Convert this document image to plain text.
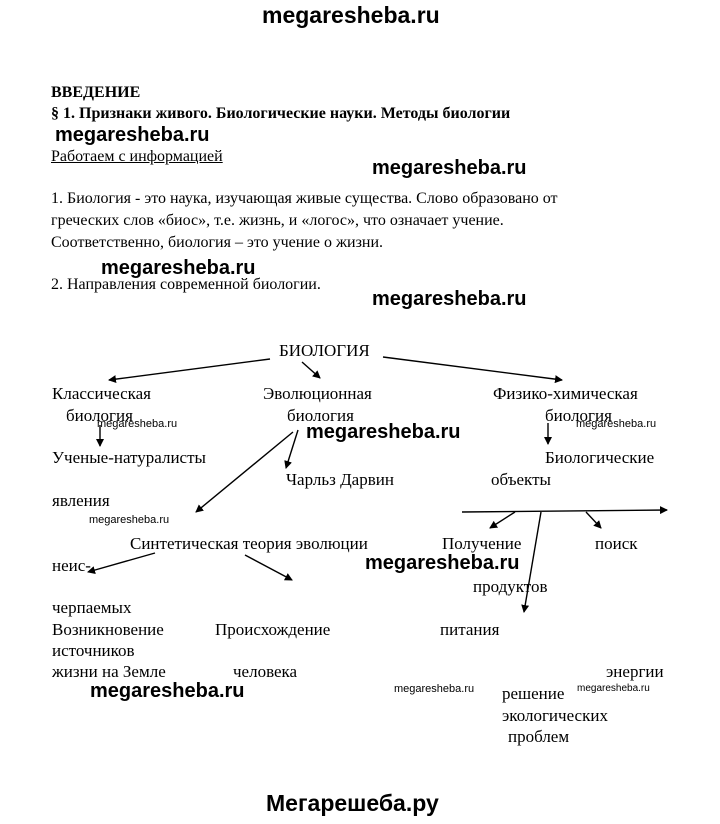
megaresheba.ru
megaresheba.ru
megaresheba.ru
megaresheba.ru
megaresheba.ru
megaresheba.ru	megaresheba.ru
megaresheba.ru
megaresheba.ru
megaresheba.ru
megaresheba.ru	megaresheba.ru	megaresheba.ru
Мегарешеба.ру
ВВЕДЕНИЕ
§ 1. Признаки живого. Биологические науки. Методы биологии
Работаем с информацией
1. Биология - это наука, изучающая живые существа. Слово образовано от
греческих слов «биос», т.е. жизнь, и «логос», что означает учение.
Соответственно, биология – это учение о жизни.
2. Направления современной биологии.
БИОЛОГИЯ
Классическая
биология
Эволюционная
биология
Физико-химическая
биология
Ученые-натуралисты
Чарльз Дарвин
Биологические
объекты
явления
Синтетическая теория эволюции
неис-
Получение	поиск
продуктов
черпаемых
Возникновение	Происхождение	питания
источников
жизни на Земле	человека	энергии
решение
экологических
проблем
